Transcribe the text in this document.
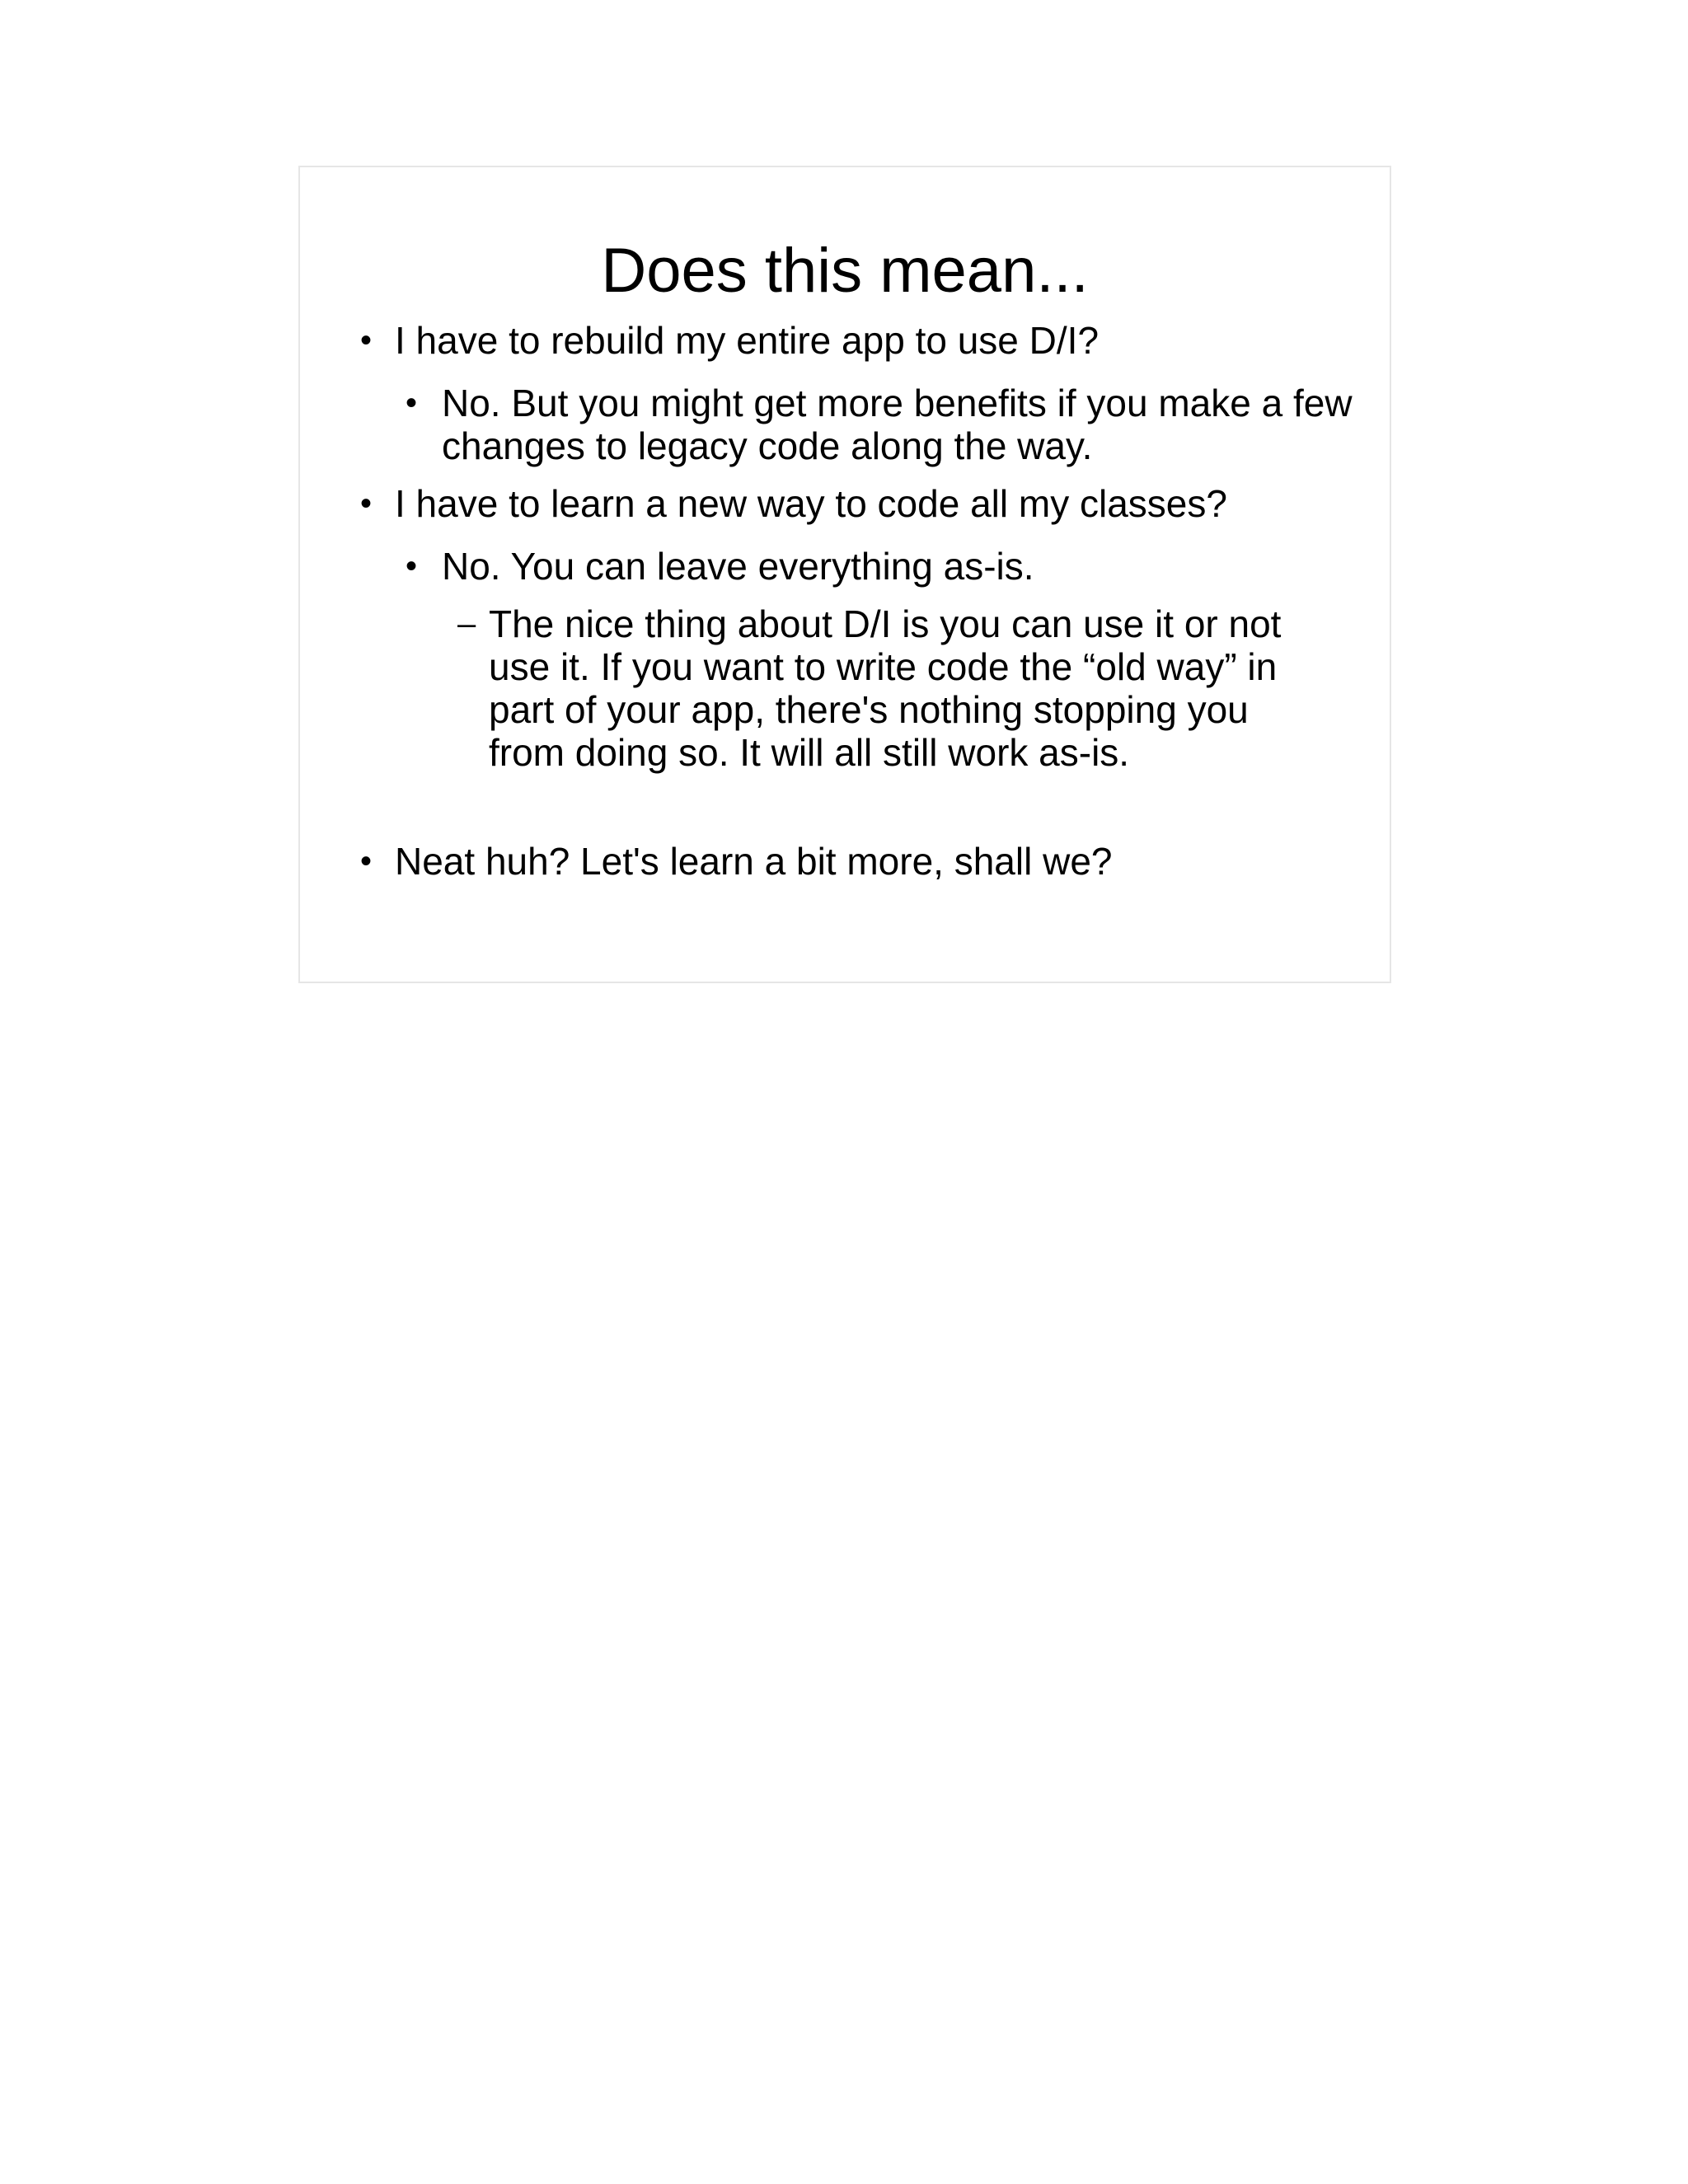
Does this mean...
• I have to rebuild my entire app to use D/I?
• No. But you might get more benefits if you make a few changes to legacy code along the way.
• I have to learn a new way to code all my classes?
• No. You can leave everything as-is.
– The nice thing about D/I is you can use it or not use it. If you want to write code the “old way” in part of your app, there's nothing stopping you from doing so. It will all still work as-is.
• Neat huh? Let's learn a bit more, shall we?
